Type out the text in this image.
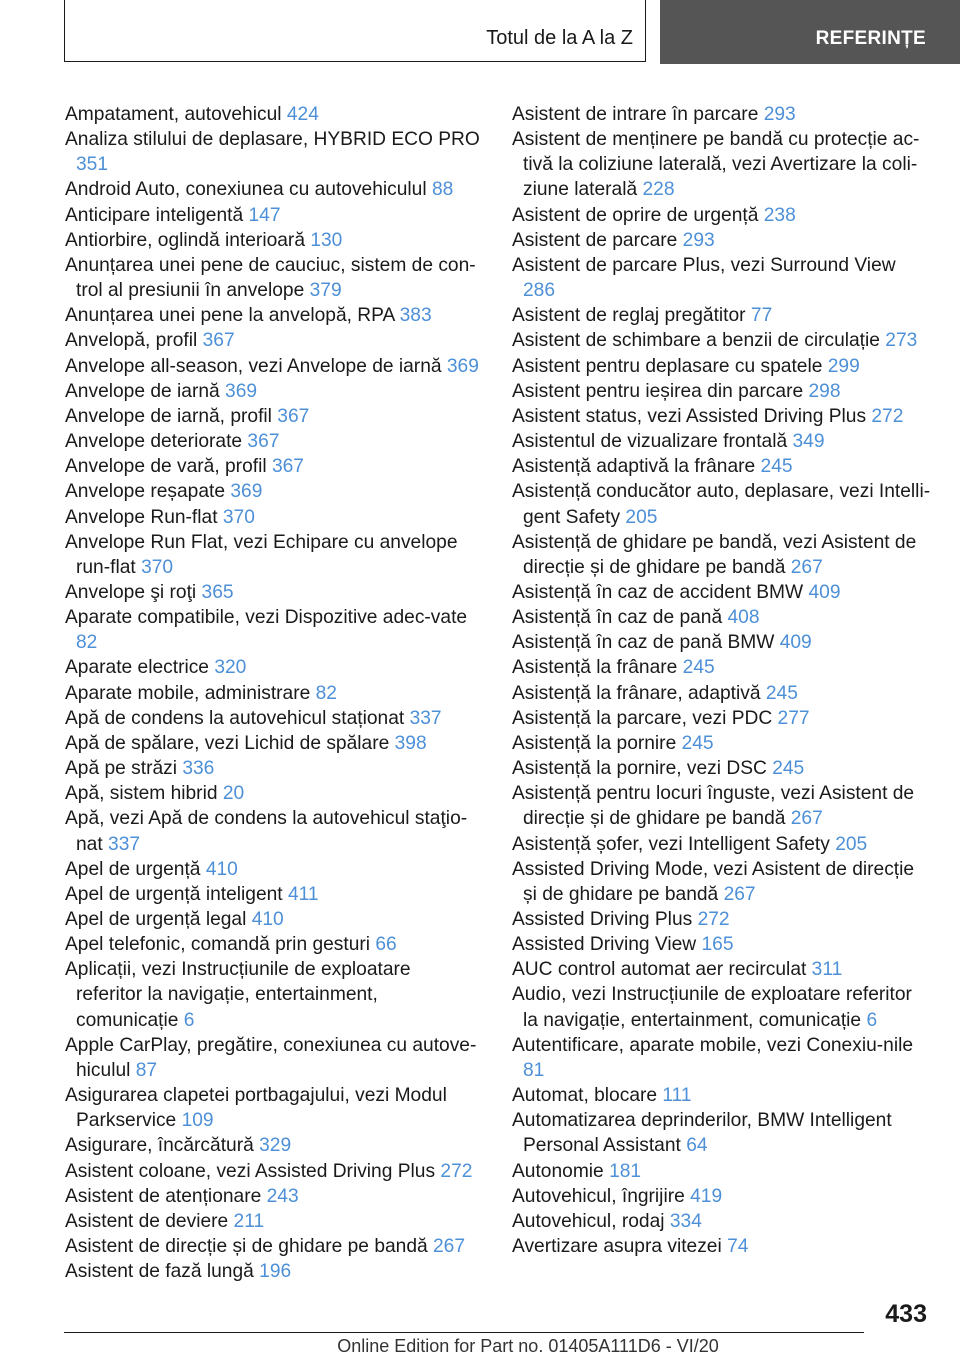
Totul de la A la Z	REFERINȚE

Ampatament, autovehicul 424

Analiza stilului de deplasare, HYBRID ECO PRO 351

Android Auto, conexiunea cu autovehiculul 88

Anticipare inteligentă 147

Antiorbire, oglindă interioară 130

Anunțarea unei pene de cauciuc, sistem de con‐trol al presiunii în anvelope 379

Anunțarea unei pene la anvelopă, RPA 383

Anvelopă, profil 367

Anvelope all-season, vezi Anvelope de iarnă 369

Anvelope de iarnă 369

Anvelope de iarnă, profil 367

Anvelope deteriorate 367

Anvelope de vară, profil 367

Anvelope reșapate 369

Anvelope Run-flat 370

Anvelope Run Flat, vezi Echipare cu anvelope run-flat 370

Anvelope şi roţi 365

Aparate compatibile, vezi Dispozitive adec‐vate 82

Aparate electrice 320

Aparate mobile, administrare 82

Apă de condens la autovehicul staționat 337

Apă de spălare, vezi Lichid de spălare 398

Apă pe străzi 336

Apă, sistem hibrid 20

Apă, vezi Apă de condens la autovehicul staţio‐nat 337

Apel de urgență 410

Apel de urgență inteligent 411

Apel de urgență legal 410

Apel telefonic, comandă prin gesturi 66

Aplicații, vezi Instrucțiunile de exploatare referitor la navigație, entertainment, comunicație 6

Apple CarPlay, pregătire, conexiunea cu autove‐hiculul 87

Asigurarea clapetei portbagajului, vezi Modul Parkservice 109

Asigurare, încărcătură 329

Asistent coloane, vezi Assisted Driving Plus 272

Asistent de atenționare 243

Asistent de deviere 211

Asistent de direcție și de ghidare pe bandă 267

Asistent de fază lungă 196

Asistent de intrare în parcare 293

Asistent de menținere pe bandă cu protecție ac‐tivă la coliziune laterală, vezi Avertizare la coli‐ziune laterală 228

Asistent de oprire de urgență 238

Asistent de parcare 293

Asistent de parcare Plus, vezi Surround View 286

Asistent de reglaj pregătitor 77

Asistent de schimbare a benzii de circulație 273

Asistent pentru deplasare cu spatele 299

Asistent pentru ieșirea din parcare 298

Asistent status, vezi Assisted Driving Plus 272

Asistentul de vizualizare frontală 349

Asistență adaptivă la frânare 245

Asistență conducător auto, deplasare, vezi Intelli‐gent Safety 205

Asistență de ghidare pe bandă, vezi Asistent de direcție și de ghidare pe bandă 267

Asistență în caz de accident BMW 409

Asistență în caz de pană 408

Asistență în caz de pană BMW 409

Asistență la frânare 245

Asistență la frânare, adaptivă 245

Asistență la parcare, vezi PDC 277

Asistență la pornire 245

Asistență la pornire, vezi DSC 245

Asistență pentru locuri înguste, vezi Asistent de direcție și de ghidare pe bandă 267

Asistență șofer, vezi Intelligent Safety 205

Assisted Driving Mode, vezi Asistent de direcție și de ghidare pe bandă 267

Assisted Driving Plus 272

Assisted Driving View 165

AUC control automat aer recirculat 311

Audio, vezi Instrucțiunile de exploatare referitor la navigație, entertainment, comunicație 6

Autentificare, aparate mobile, vezi Conexiu‐nile 81

Automat, blocare 111

Automatizarea deprinderilor, BMW Intelligent Personal Assistant 64

Autonomie 181

Autovehicul, îngrijire 419

Autovehicul, rodaj 334

Avertizare asupra vitezei 74

433
Online Edition for Part no. 01405A111D6 - VI/20
